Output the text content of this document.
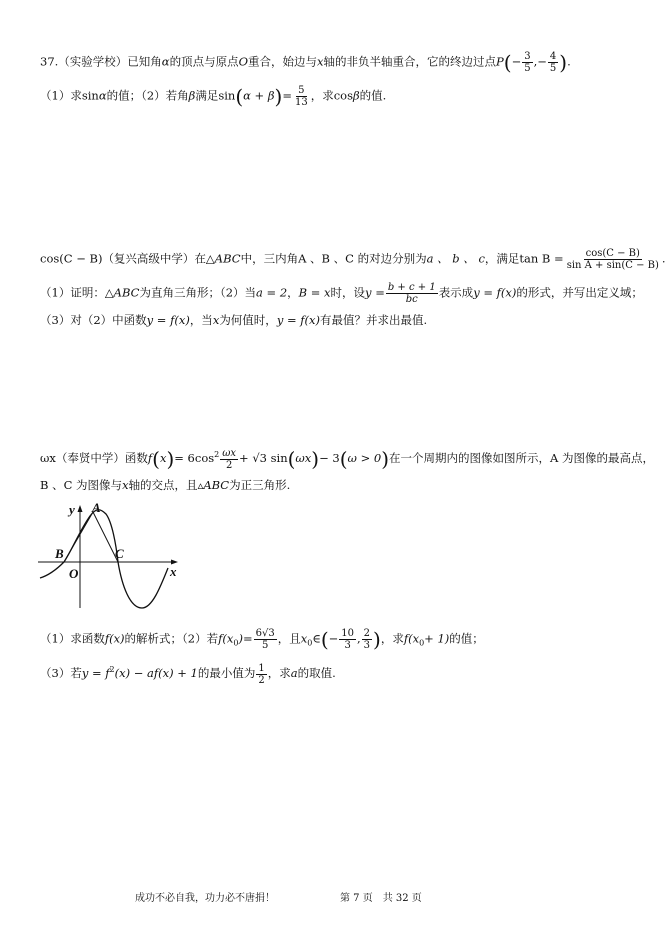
37.（实验学校）已知角α的顶点与原点O重合，始边与x轴的非负半轴重合，它的终边过点$P(- \frac{3}{5}$ ,− $\frac{4}{5}$ ).
（1）求sinα的值；（2）若角β满足$\sin(\alpha + \beta)= \frac{5}{13}$ ，求cosβ的值.
cos(C − B)（复兴高级中学）在△ABC中，三内角A 、B 、C 的对边分别为a 、 b 、 c，满足$\tan B = \frac{\cos(C - B)}{\text{sin A + sin(C − B)}}$ .
（1）证明：△ABC为直角三角形；（2）当a = 2，B = x时，设$y = \frac{b + c + 1}{bc}$ 表示成y = f(x)的形式，并写出定义域；
（3）对（2）中函数y = f(x)，当x为何值时，y = f(x)有最值？并求出最值.
ωx（奉贤中学）函数$f(x)= 6\cos^2 \frac{\omega x}{2} + √3$ sin(ωx)− 3(ω > 0)在一个周期内的图像如图所示，A 为图像的最高点，
B 、C 为图像与x轴的交点，且▵ABC为正三角形.
A
B	C
O	x
y
（1）求函数f(x)的解析式；（2）若$f(x_0)= \frac{6√3}{5}$ ，且$x_0\in(- \frac{10}{3}$ , $\frac{2}{3}$ )，求$f(x_0+ 1)$的值；
（3）若$y = f^2(x) - af(x) + 1$的最小值为 $\frac{1}{2}$ ，求a的取值.
成功不必自我，功力必不唐捐！	第 7 页　共 32 页
